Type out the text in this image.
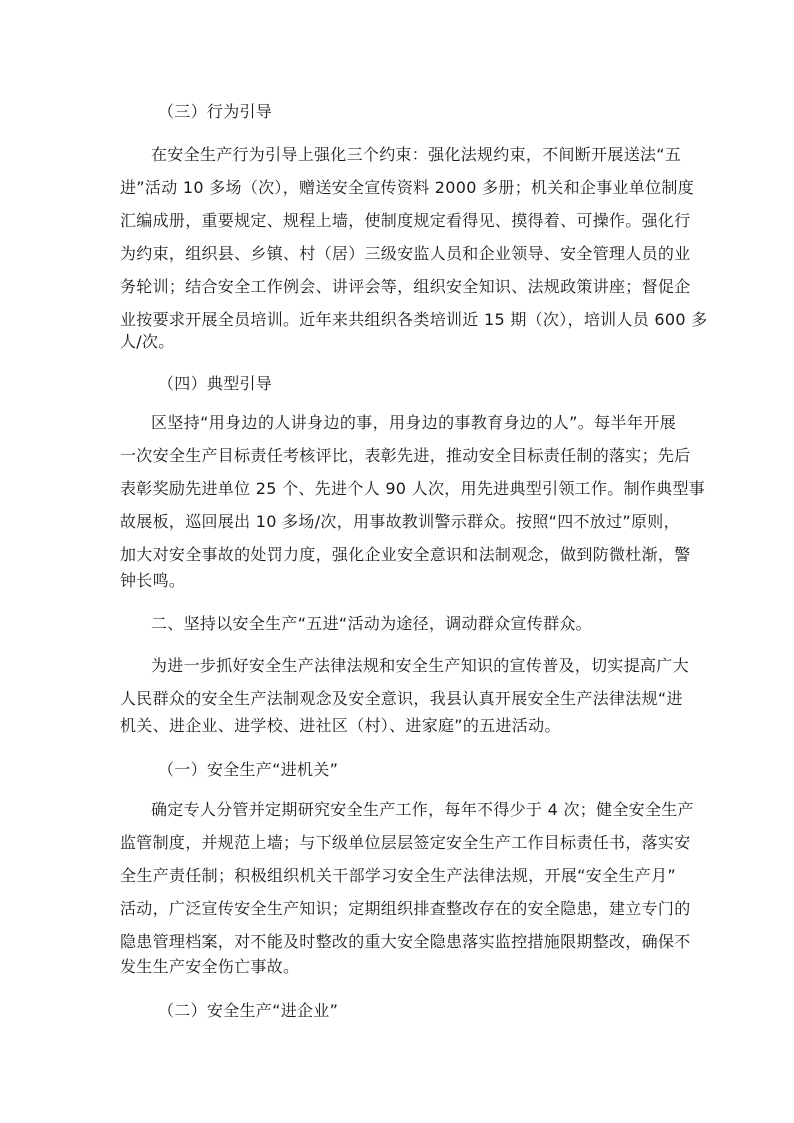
（三）行为引导
在安全生产行为引导上强化三个约束：强化法规约束，不间断开展送法“五
进”活动 10 多场（次），赠送安全宣传资料 2000 多册；机关和企事业单位制度
汇编成册，重要规定、规程上墙，使制度规定看得见、摸得着、可操作。强化行
为约束，组织县、乡镇、村（居）三级安监人员和企业领导、安全管理人员的业
务轮训；结合安全工作例会、讲评会等，组织安全知识、法规政策讲座；督促企
业按要求开展全员培训。近年来共组织各类培训近 15 期（次），培训人员 600 多
人/次。
（四）典型引导
区坚持“用身边的人讲身边的事，用身边的事教育身边的人”。每半年开展
一次安全生产目标责任考核评比，表彰先进，推动安全目标责任制的落实；先后
表彰奖励先进单位 25 个、先进个人 90 人次，用先进典型引领工作。制作典型事
故展板，巡回展出 10 多场/次，用事故教训警示群众。按照“四不放过”原则，
加大对安全事故的处罚力度，强化企业安全意识和法制观念，做到防微杜渐，警
钟长鸣。
二、坚持以安全生产“五进“活动为途径，调动群众宣传群众。
为进一步抓好安全生产法律法规和安全生产知识的宣传普及，切实提高广大
人民群众的安全生产法制观念及安全意识，我县认真开展安全生产法律法规“进
机关、进企业、进学校、进社区（村）、进家庭”的五进活动。
（一）安全生产“进机关”
确定专人分管并定期研究安全生产工作，每年不得少于 4 次；健全安全生产
监管制度，并规范上墙；与下级单位层层签定安全生产工作目标责任书，落实安
全生产责任制；积极组织机关干部学习安全生产法律法规，开展“安全生产月”
活动，广泛宣传安全生产知识；定期组织排查整改存在的安全隐患，建立专门的
隐患管理档案，对不能及时整改的重大安全隐患落实监控措施限期整改，确保不
发生生产安全伤亡事故。
（二）安全生产“进企业”
